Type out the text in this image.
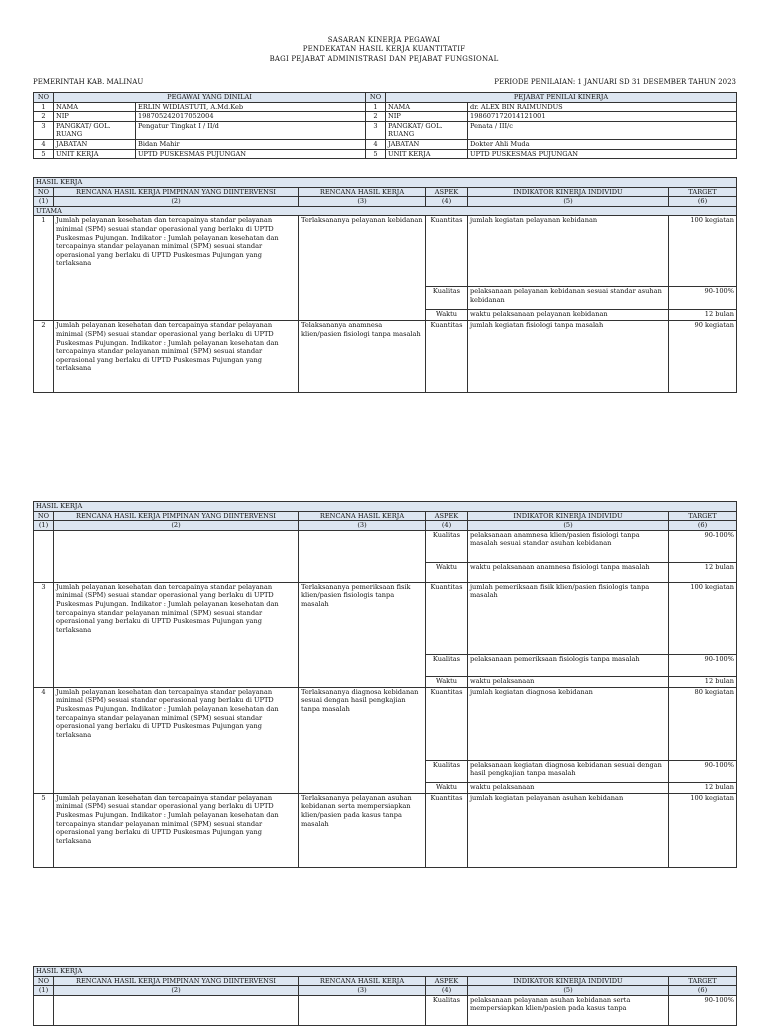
SASARAN KINERJA PEGAWAI
PENDEKATAN HASIL KERJA KUANTITATIF
BAGI PEJABAT ADMINISTRASI DAN PEJABAT FUNGSIONAL
PEMERINTAH KAB. MALINAU	PERIODE PENILAIAN: 1 JANUARI SD 31 DESEMBER TAHUN 2023
NO	PEGAWAI YANG DINILAI		NO	PEJABAT PENILAI KINERJA	
1	NAMA	ERLIN WIDIASTUTI, A.Md.Keb	1	NAMA	dr. ALEX BIN RAIMUNDUS
2	NIP	198705242017052004	2	NIP	198607172014121001
3	PANGKAT/ GOL. RUANG	Pengatur Tingkat I / II/d	3	PANGKAT/ GOL. RUANG	Penata / III/c
4	JABATAN	Bidan Mahir	4	JABATAN	Dokter Ahli Muda
5	UNIT KERJA	UPTD PUSKESMAS PUJUNGAN	5	UNIT KERJA	UPTD PUSKESMAS PUJUNGAN
HASIL KERJA					
NO	RENCANA HASIL KERJA PIMPINAN YANG DIINTERVENSI	RENCANA HASIL KERJA	ASPEK	INDIKATOR KINERJA INDIVIDU	TARGET
(1)	(2)	(3)	(4)	(5)	(6)
UTAMA					
1	Jumlah pelayanan kesehatan dan tercapainya standar pelayanan minimal (SPM) sesuai standar operasional yang berlaku di UPTD Puskesmas Pujungan. Indikator : Jumlah pelayanan kesehatan dan tercapainya standar pelayanan minimal (SPM) sesuai standar operasional yang berlaku di UPTD Puskesmas Pujungan yang terlaksana	Terlaksananya pelayanan kebidanan	Kuantitas	jumlah kegiatan pelayanan kebidanan	100 kegiatan
			Kualitas	pelaksanaan pelayanan kebidanan sesuai standar asuhan kebidanan	90-100%
			Waktu	waktu pelaksanaan pelayanan kebidanan	12 bulan
2	Jumlah pelayanan kesehatan dan tercapainya standar pelayanan minimal (SPM) sesuai standar operasional yang berlaku di UPTD Puskesmas Pujungan. Indikator : Jumlah pelayanan kesehatan dan tercapainya standar pelayanan minimal (SPM) sesuai standar operasional yang berlaku di UPTD Puskesmas Pujungan yang terlaksana	Telaksananya anamnesa klien/pasien fisiologi tanpa masalah	Kuantitas	jumlah kegiatan fisiologi tanpa masalah	90 kegiatan
HASIL KERJA					
NO	RENCANA HASIL KERJA PIMPINAN YANG DIINTERVENSI	RENCANA HASIL KERJA	ASPEK	INDIKATOR KINERJA INDIVIDU	TARGET
(1)	(2)	(3)	(4)	(5)	(6)
			Kualitas	pelaksanaan anamnesa klien/pasien fisiologi tanpa masalah sesuai standar asuhan kebidanan	90-100%
			Waktu	waktu pelaksanaan anamnesa fisiologi tanpa masalah	12 bulan
3	Jumlah pelayanan kesehatan dan tercapainya standar pelayanan minimal (SPM) sesuai standar operasional yang berlaku di UPTD Puskesmas Pujungan. Indikator : Jumlah pelayanan kesehatan dan tercapainya standar pelayanan minimal (SPM) sesuai standar operasional yang berlaku di UPTD Puskesmas Pujungan yang terlaksana	Terlaksananya pemeriksaan fisik klien/pasien fisiologis tanpa masalah	Kuantitas	jumlah pemeriksaan fisik klien/pasien fisiologis tanpa masalah	100 kegiatan
			Kualitas	pelaksanaan pemeriksaan fisiologis tanpa masalah	90-100%
			Waktu	waktu pelaksanaan	12 bulan
4	Jumlah pelayanan kesehatan dan tercapainya standar pelayanan minimal (SPM) sesuai standar operasional yang berlaku di UPTD Puskesmas Pujungan. Indikator : Jumlah pelayanan kesehatan dan tercapainya standar pelayanan minimal (SPM) sesuai standar operasional yang berlaku di UPTD Puskesmas Pujungan yang terlaksana	Terlaksananya diagnosa kebidanan sesuai dengan hasil pengkajian tanpa masalah	Kuantitas	jumlah kegiatan diagnosa kebidanan	80 kegiatan
			Kualitas	pelaksanaan kegiatan diagnosa kebidanan sesuai dengan hasil pengkajian tanpa masalah	90-100%
			Waktu	waktu pelaksanaan	12 bulan
5	Jumlah pelayanan kesehatan dan tercapainya standar pelayanan minimal (SPM) sesuai standar operasional yang berlaku di UPTD Puskesmas Pujungan. Indikator : Jumlah pelayanan kesehatan dan tercapainya standar pelayanan minimal (SPM) sesuai standar operasional yang berlaku di UPTD Puskesmas Pujungan yang terlaksana	Terlaksananya pelayanan asuhan kebidanan serta mempersiapkan klien/pasien pada kasus tanpa masalah	Kuantitas	jumlah kegiatan pelayanan asuhan kebidanan	100 kegiatan
HASIL KERJA					
NO	RENCANA HASIL KERJA PIMPINAN YANG DIINTERVENSI	RENCANA HASIL KERJA	ASPEK	INDIKATOR KINERJA INDIVIDU	TARGET
(1)	(2)	(3)	(4)	(5)	(6)
			Kualitas	pelaksanaan pelayanan asuhan kebidanan serta mempersiapkan klien/pasien pada kasus tanpa	90-100%
